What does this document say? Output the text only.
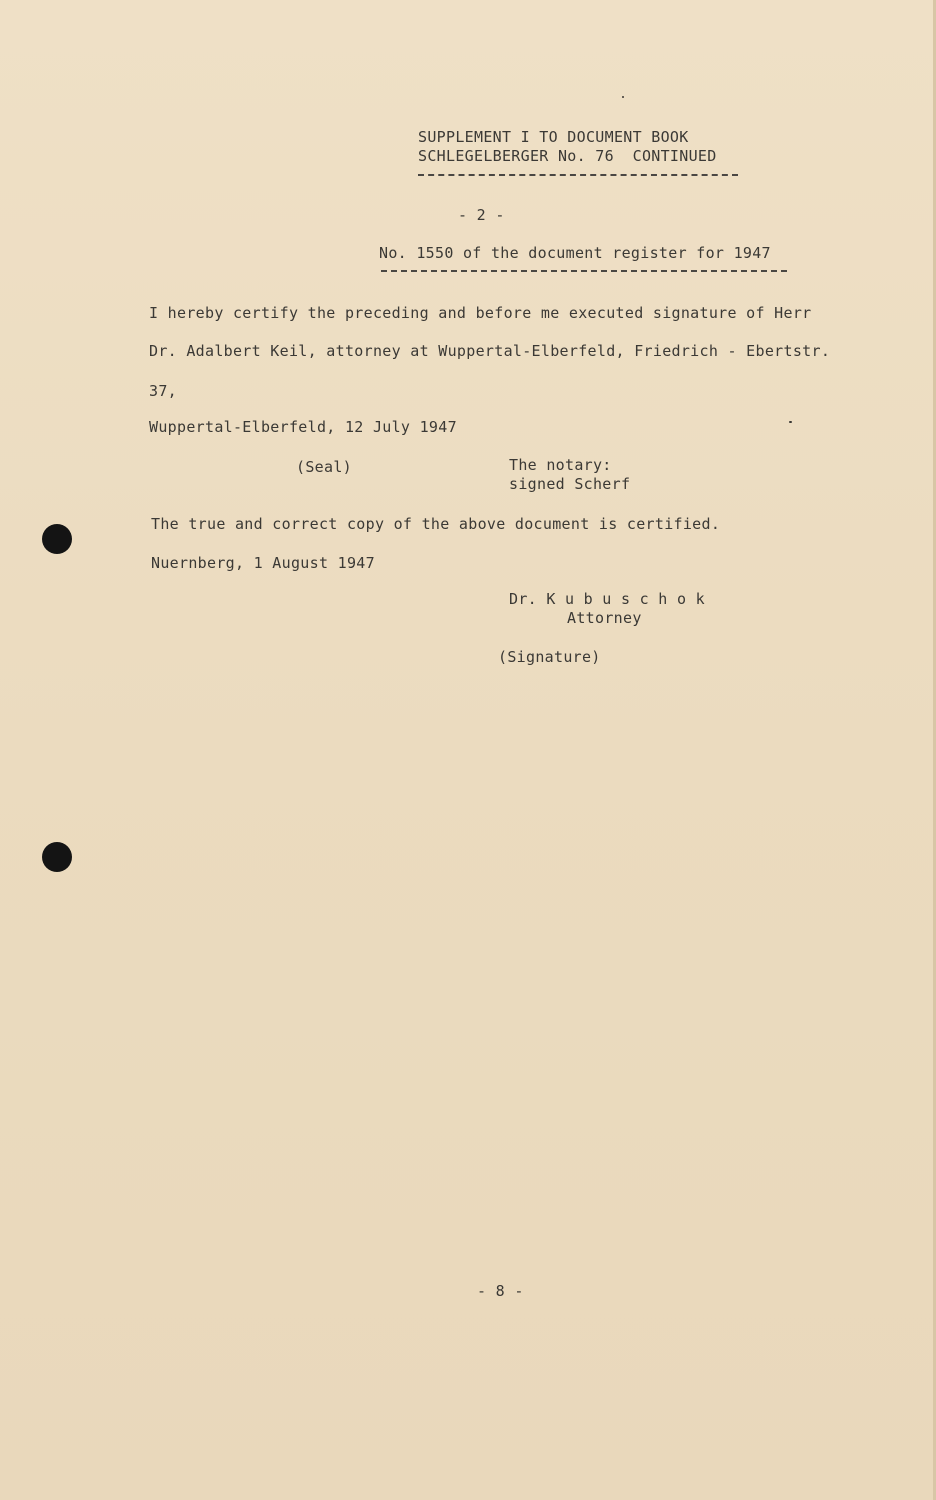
SUPPLEMENT I TO DOCUMENT BOOK
SCHLEGELBERGER No. 76  CONTINUED
- 2 -
No. 1550 of the document register for 1947
I hereby certify the preceding and before me executed signature of Herr
Dr. Adalbert Keil, attorney at Wuppertal-Elberfeld, Friedrich - Ebertstr.
37,
Wuppertal-Elberfeld, 12 July 1947
(Seal)	The notary:
signed Scherf
The true and correct copy of the above document is certified.
Nuernberg, 1 August 1947
Dr. K u b u s c h o k
Attorney
(Signature)
- 8 -
